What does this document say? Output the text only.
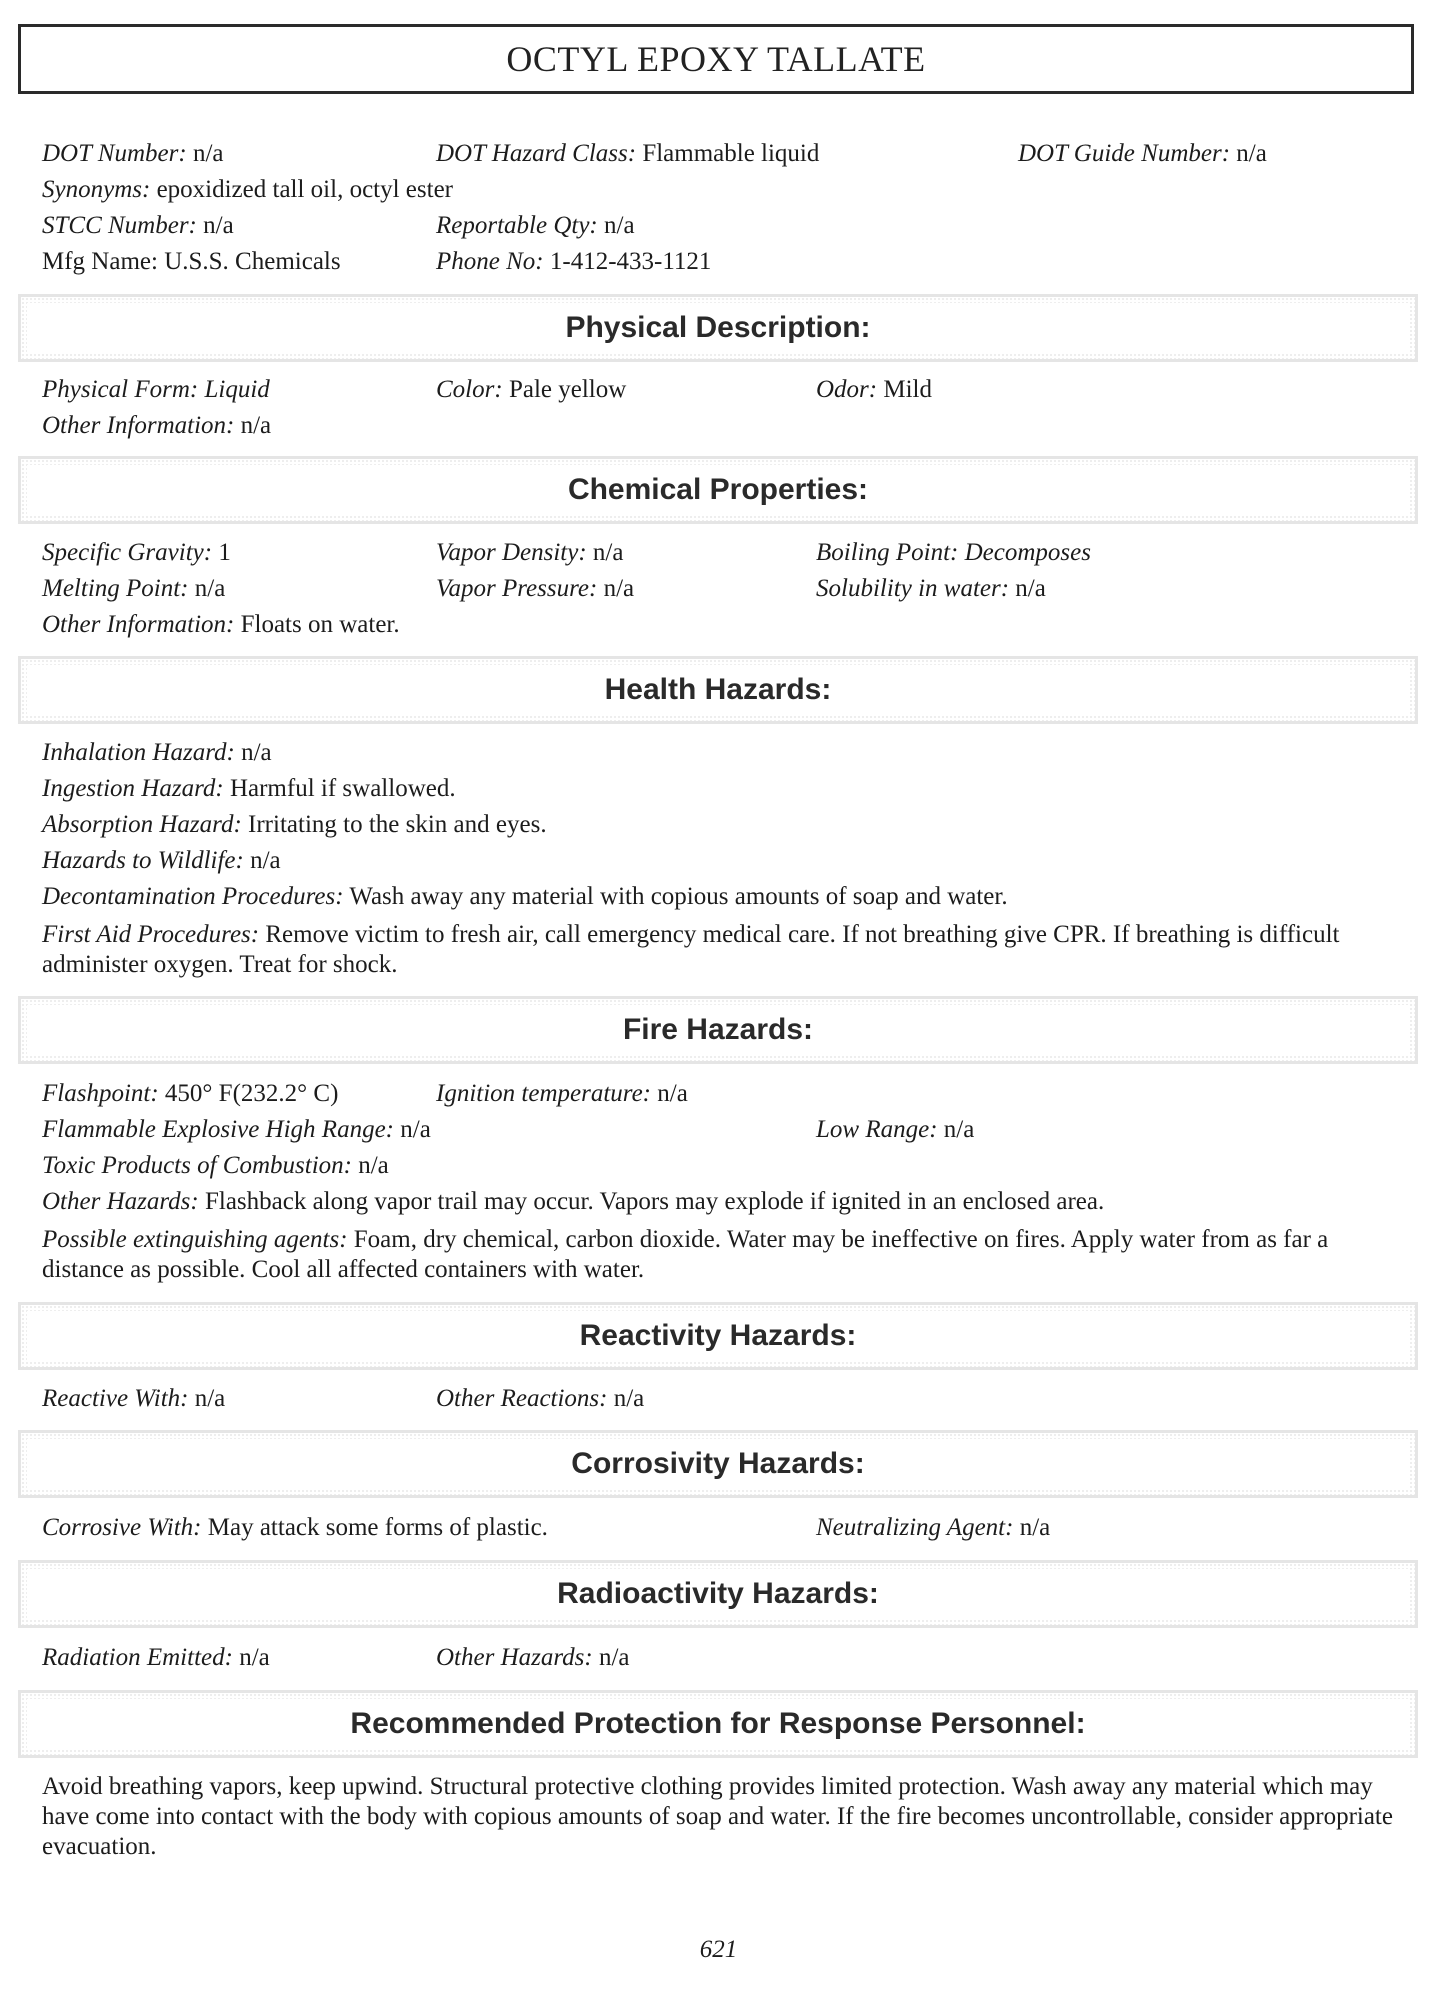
OCTYL EPOXY TALLATE
DOT Number: n/a	DOT Hazard Class: Flammable liquid	DOT Guide Number: n/a
Synonyms: epoxidized tall oil, octyl ester
STCC Number: n/a	Reportable Qty: n/a
Mfg Name: U.S.S. Chemicals	Phone No: 1-412-433-1121
Physical Description:
Physical Form: Liquid	Color: Pale yellow	Odor: Mild
Other Information: n/a
Chemical Properties:
Specific Gravity: 1	Vapor Density: n/a	Boiling Point: Decomposes
Melting Point: n/a	Vapor Pressure: n/a	Solubility in water: n/a
Other Information: Floats on water.
Health Hazards:
Inhalation Hazard: n/a
Ingestion Hazard: Harmful if swallowed.
Absorption Hazard: Irritating to the skin and eyes.
Hazards to Wildlife: n/a
Decontamination Procedures: Wash away any material with copious amounts of soap and water.
First Aid Procedures: Remove victim to fresh air, call emergency medical care. If not breathing give CPR. If breathing is difficult administer oxygen. Treat for shock.
Fire Hazards:
Flashpoint: 450° F(232.2° C)	Ignition temperature: n/a
Flammable Explosive High Range: n/a	Low Range: n/a
Toxic Products of Combustion: n/a
Other Hazards: Flashback along vapor trail may occur. Vapors may explode if ignited in an enclosed area.
Possible extinguishing agents: Foam, dry chemical, carbon dioxide. Water may be ineffective on fires. Apply water from as far a distance as possible. Cool all affected containers with water.
Reactivity Hazards:
Reactive With: n/a	Other Reactions: n/a
Corrosivity Hazards:
Corrosive With: May attack some forms of plastic.	Neutralizing Agent: n/a
Radioactivity Hazards:
Radiation Emitted: n/a	Other Hazards: n/a
Recommended Protection for Response Personnel:
Avoid breathing vapors, keep upwind. Structural protective clothing provides limited protection. Wash away any material which may have come into contact with the body with copious amounts of soap and water. If the fire becomes uncontrollable, consider appropriate evacuation.
621
